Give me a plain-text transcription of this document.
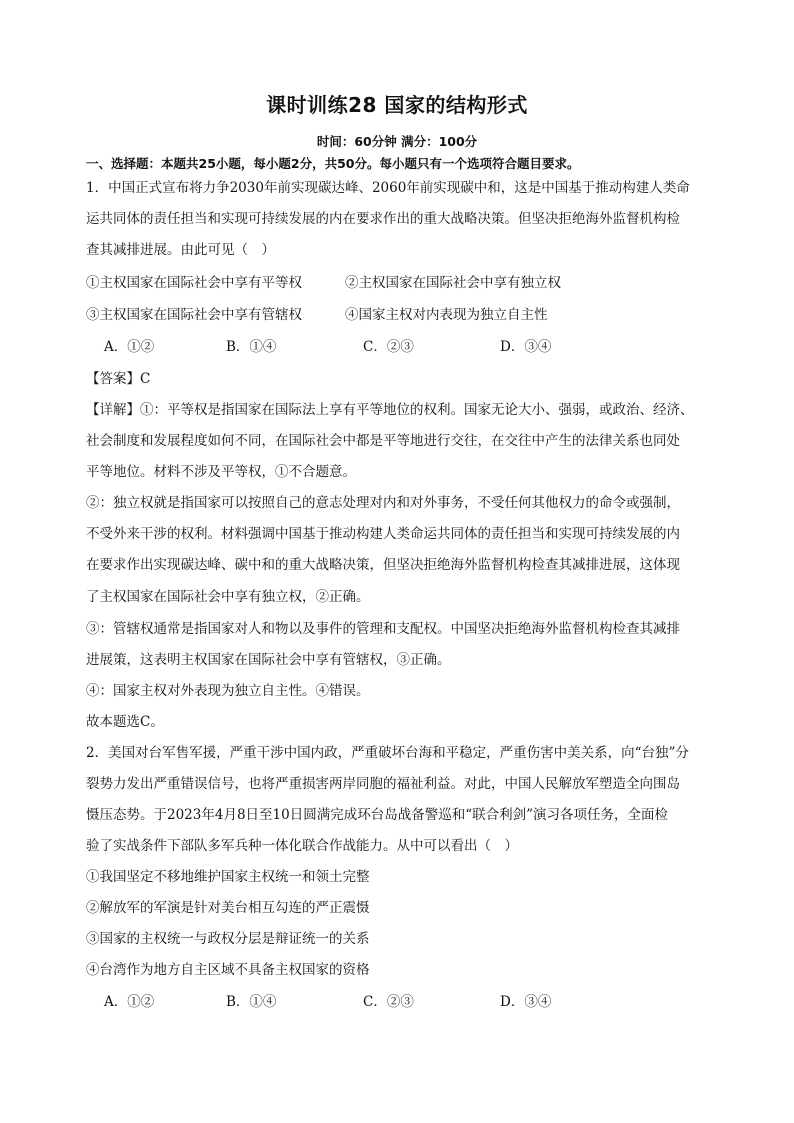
课时训练28 国家的结构形式
时间：60分钟 满分：100分
一、选择题：本题共25小题，每小题2分，共50分。每小题只有一个选项符合题目要求。
1．中国正式宣布将力争2030年前实现碳达峰、2060年前实现碳中和，这是中国基于推动构建人类命
运共同体的责任担当和实现可持续发展的内在要求作出的重大战略决策。但坚决拒绝海外监督机构检
查其减排进展。由此可见（　）
①主权国家在国际社会中享有平等权	②主权国家在国际社会中享有独立权
③主权国家在国际社会中享有管辖权	④国家主权对内表现为独立自主性
A．①②	B．①④	C．②③	D．③④
【答案】C
【详解】①：平等权是指国家在国际法上享有平等地位的权利。国家无论大小、强弱，或政治、经济、
社会制度和发展程度如何不同，在国际社会中都是平等地进行交往，在交往中产生的法律关系也同处
平等地位。材料不涉及平等权，①不合题意。
②：独立权就是指国家可以按照自己的意志处理对内和对外事务，不受任何其他权力的命令或强制，
不受外来干涉的权利。材料强调中国基于推动构建人类命运共同体的责任担当和实现可持续发展的内
在要求作出实现碳达峰、碳中和的重大战略决策，但坚决拒绝海外监督机构检查其减排进展，这体现
了主权国家在国际社会中享有独立权，②正确。
③：管辖权通常是指国家对人和物以及事件的管理和支配权。中国坚决拒绝海外监督机构检查其减排
进展策，这表明主权国家在国际社会中享有管辖权，③正确。
④：国家主权对外表现为独立自主性。④错误。
故本题选C。
2．美国对台军售军援，严重干涉中国内政，严重破坏台海和平稳定，严重伤害中美关系，向“台独”分
裂势力发出严重错误信号，也将严重损害两岸同胞的福祉利益。对此，中国人民解放军塑造全向围岛
慑压态势。于2023年4月8日至10日圆满完成环台岛战备警巡和“联合利剑”演习各项任务，全面检
验了实战条件下部队多军兵种一体化联合作战能力。从中可以看出（　）
①我国坚定不移地维护国家主权统一和领土完整
②解放军的军演是针对美台相互勾连的严正震慑
③国家的主权统一与政权分层是辩证统一的关系
④台湾作为地方自主区域不具备主权国家的资格
A．①②	B．①④	C．②③	D．③④
